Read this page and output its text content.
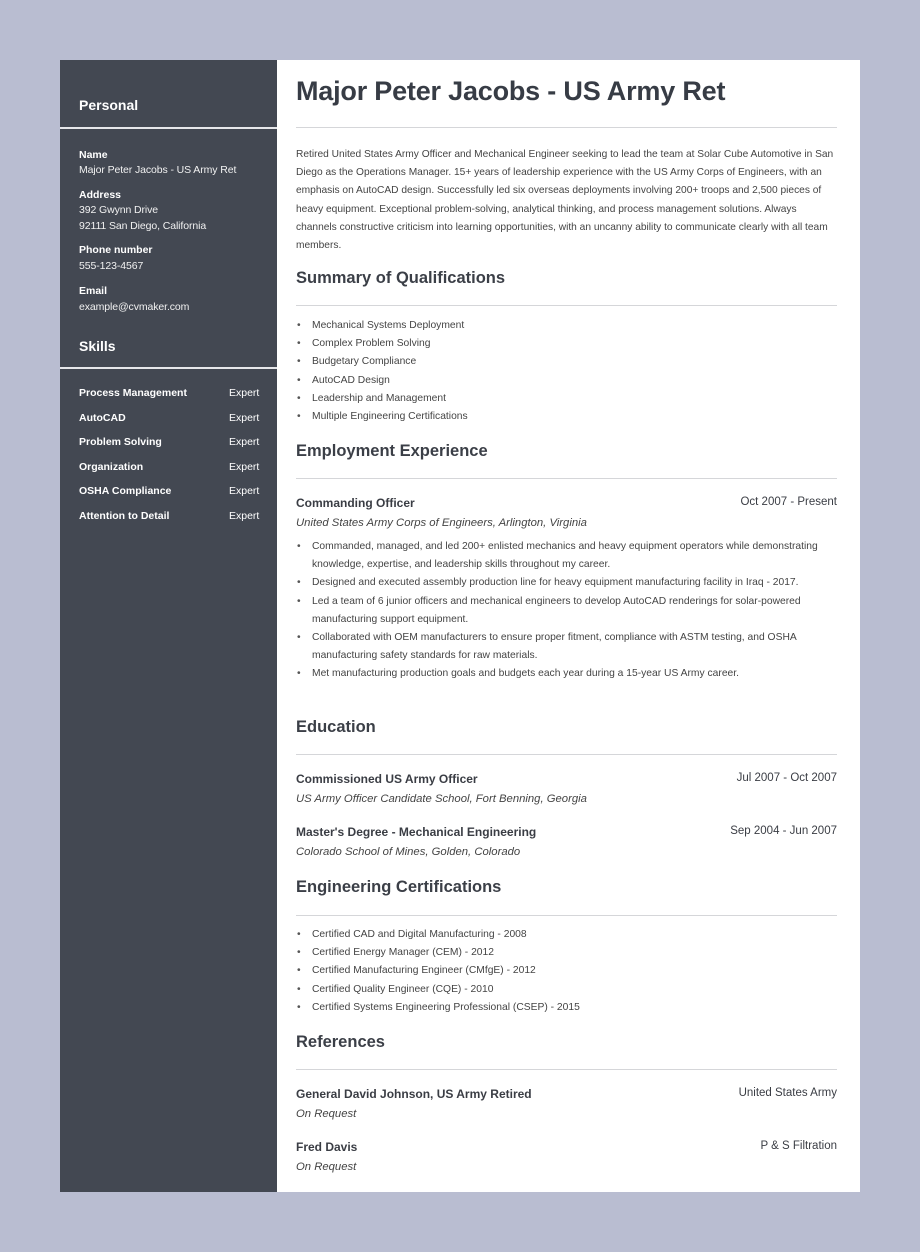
Personal
Name
Major Peter Jacobs - US Army Ret
Address
392 Gwynn Drive
92111 San Diego, California
Phone number
555-123-4567
Email
example@cvmaker.com
Skills
Process Management	Expert
AutoCAD	Expert
Problem Solving	Expert
Organization	Expert
OSHA Compliance	Expert
Attention to Detail	Expert
Major Peter Jacobs - US Army Ret
Retired United States Army Officer and Mechanical Engineer seeking to lead the team at Solar Cube Automotive in San Diego as the Operations Manager. 15+ years of leadership experience with the US Army Corps of Engineers, with an emphasis on AutoCAD design. Successfully led six overseas deployments involving 200+ troops and 2,500 pieces of heavy equipment. Exceptional problem-solving, analytical thinking, and process management solutions. Always channels constructive criticism into learning opportunities, with an uncanny ability to communicate clearly with all team members.
Summary of Qualifications
• Mechanical Systems Deployment
• Complex Problem Solving
• Budgetary Compliance
• AutoCAD Design
• Leadership and Management
• Multiple Engineering Certifications
Employment Experience
Commanding Officer	Oct 2007 - Present
United States Army Corps of Engineers, Arlington, Virginia
• Commanded, managed, and led 200+ enlisted mechanics and heavy equipment operators while demonstrating knowledge, expertise, and leadership skills throughout my career.
• Designed and executed assembly production line for heavy equipment manufacturing facility in Iraq - 2017.
• Led a team of 6 junior officers and mechanical engineers to develop AutoCAD renderings for solar-powered manufacturing support equipment.
• Collaborated with OEM manufacturers to ensure proper fitment, compliance with ASTM testing, and OSHA manufacturing safety standards for raw materials.
• Met manufacturing production goals and budgets each year during a 15-year US Army career.
Education
Commissioned US Army Officer	Jul 2007 - Oct 2007
US Army Officer Candidate School, Fort Benning, Georgia
Master's Degree - Mechanical Engineering	Sep 2004 - Jun 2007
Colorado School of Mines, Golden, Colorado
Engineering Certifications
• Certified CAD and Digital Manufacturing - 2008
• Certified Energy Manager (CEM) - 2012
• Certified Manufacturing Engineer (CMfgE) - 2012
• Certified Quality Engineer (CQE) - 2010
• Certified Systems Engineering Professional (CSEP) - 2015
References
General David Johnson, US Army Retired	United States Army
On Request
Fred Davis	P & S Filtration
On Request
